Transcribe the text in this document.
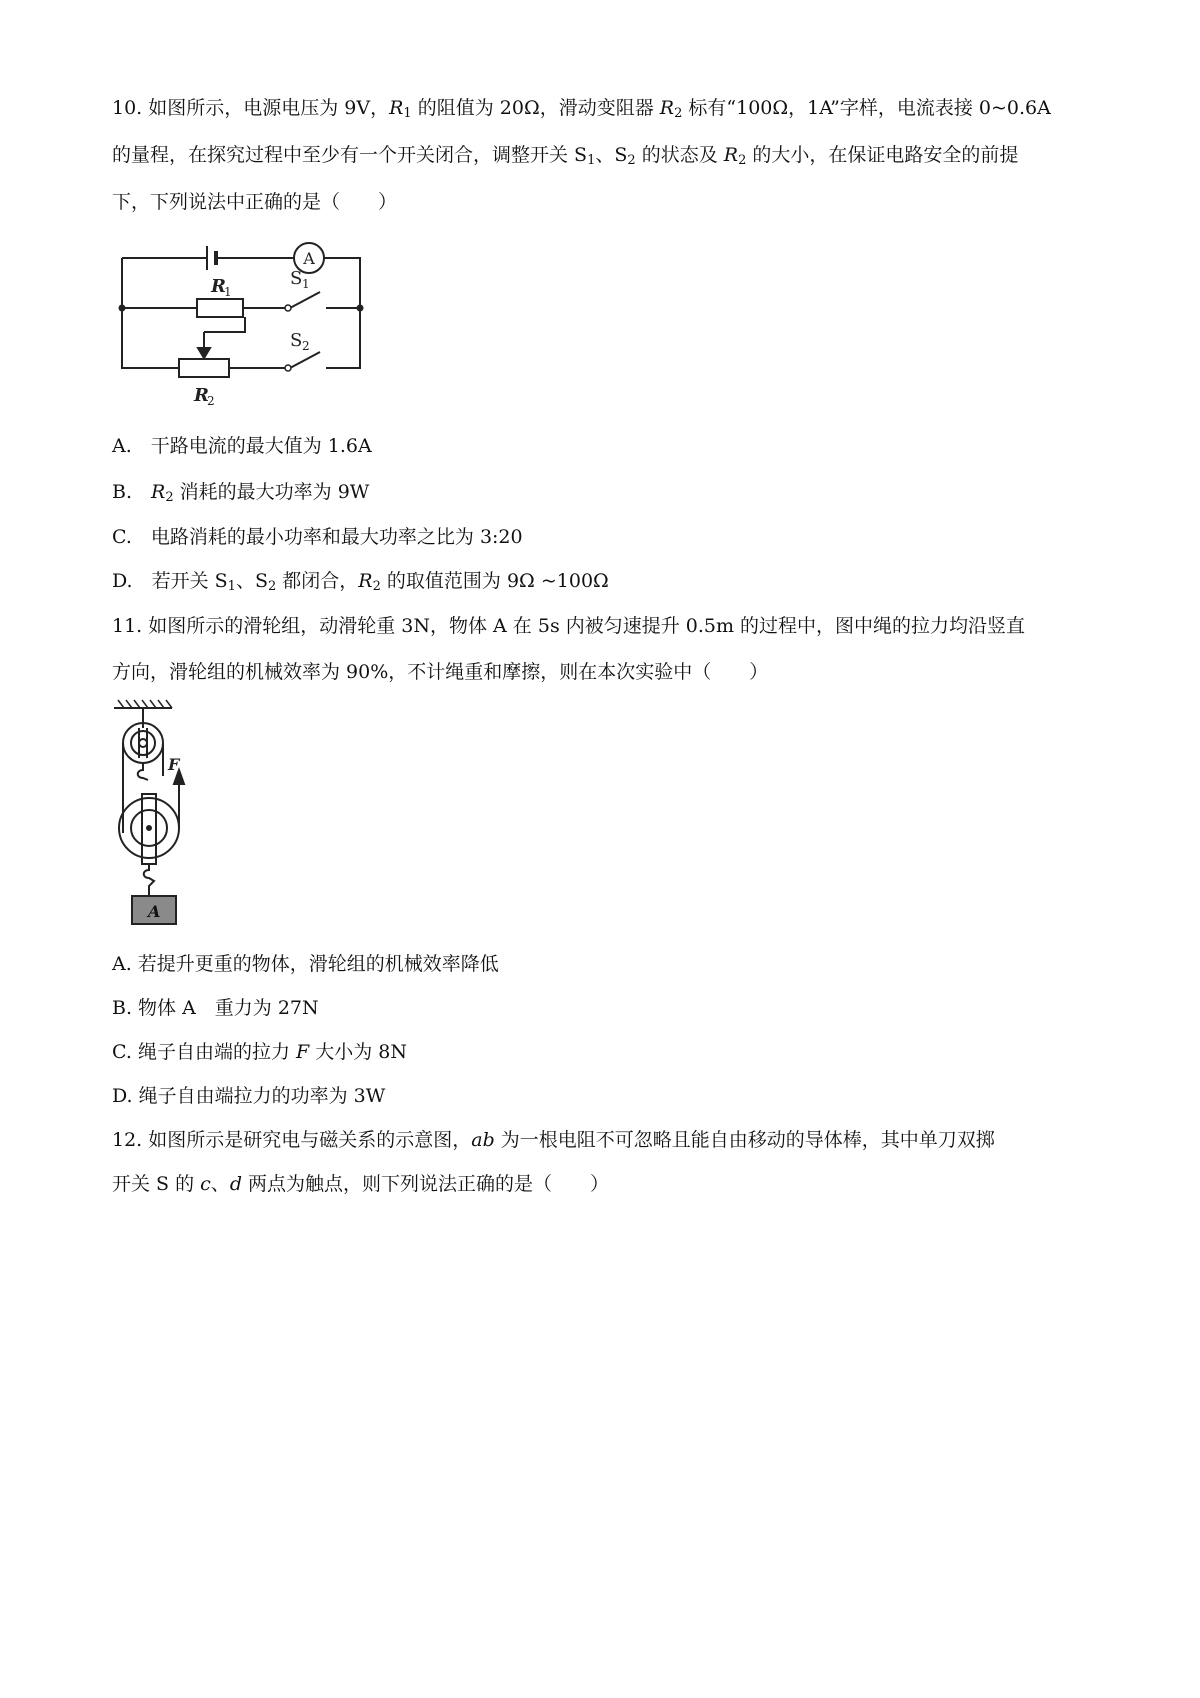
10. 如图所示，电源电压为 9V，$R_1$ 的阻值为 20Ω，滑动变阻器 $R_2$ 标有“100Ω，1A”字样，电流表接 0~0.6A
的量程，在探究过程中至少有一个开关闭合，调整开关 $S_1$、$S_2$ 的状态及 $R_2$ 的大小，在保证电路安全的前提
下，下列说法中正确的是（　　）
A
R
1
S 1
S 2
R
2
A.　干路电流的最大值为 1.6A
B.　$R_2$ 消耗的最大功率为 9W
C.　电路消耗的最小功率和最大功率之比为 3:20
D.　若开关 $S_1$、$S_2$ 都闭合，$R_2$ 的取值范围为 9Ω ~100Ω
11. 如图所示的滑轮组，动滑轮重 3N，物体 A 在 5s 内被匀速提升 0.5m 的过程中，图中绳的拉力均沿竖直
方向，滑轮组的机械效率为 90%，不计绳重和摩擦，则在本次实验中（　　）
F
A
A. 若提升更重的物体，滑轮组的机械效率降低
B. 物体 A　重力为 27N
C. 绳子自由端的拉力 F 大小为 8N
D. 绳子自由端拉力的功率为 3W
12. 如图所示是研究电与磁关系的示意图，ab 为一根电阻不可忽略且能自由移动的导体棒，其中单刀双掷
开关 S 的 c、d 两点为触点，则下列说法正确的是（　　）
